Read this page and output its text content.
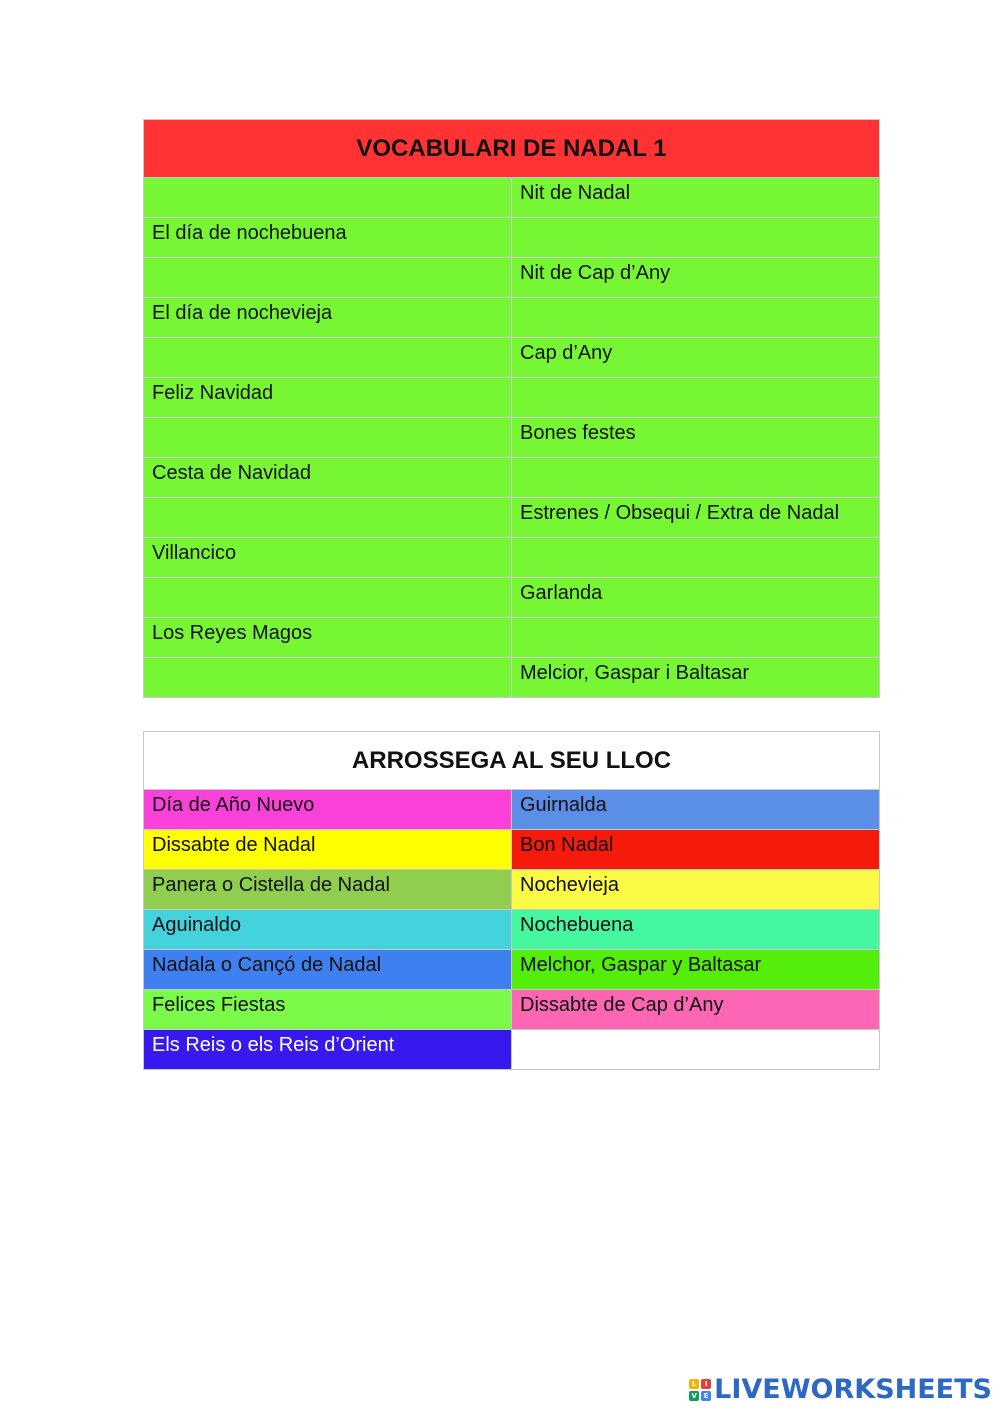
VOCABULARI DE NADAL 1	
	Nit de Nadal
El día de nochebuena	
	Nit de Cap d’Any
El día de nochevieja	
	Cap d’Any
Feliz Navidad	
	Bones festes
Cesta de Navidad	
	Estrenes / Obsequi / Extra de Nadal
Villancico	
	Garlanda
Los Reyes Magos	
	Melcior, Gaspar i Baltasar
ARROSSEGA AL SEU LLOC	
Día de Año Nuevo	Guirnalda
Dissabte de Nadal	Bon Nadal
Panera o Cistella de Nadal	Nochevieja
Aguinaldo	Nochebuena
Nadala o Cançó de Nadal	Melchor, Gaspar y Baltasar
Felices Fiestas	Dissabte de Cap d’Any
Els Reis o els Reis d’Orient	
L	I
V E LIVEWORKSHEETS
